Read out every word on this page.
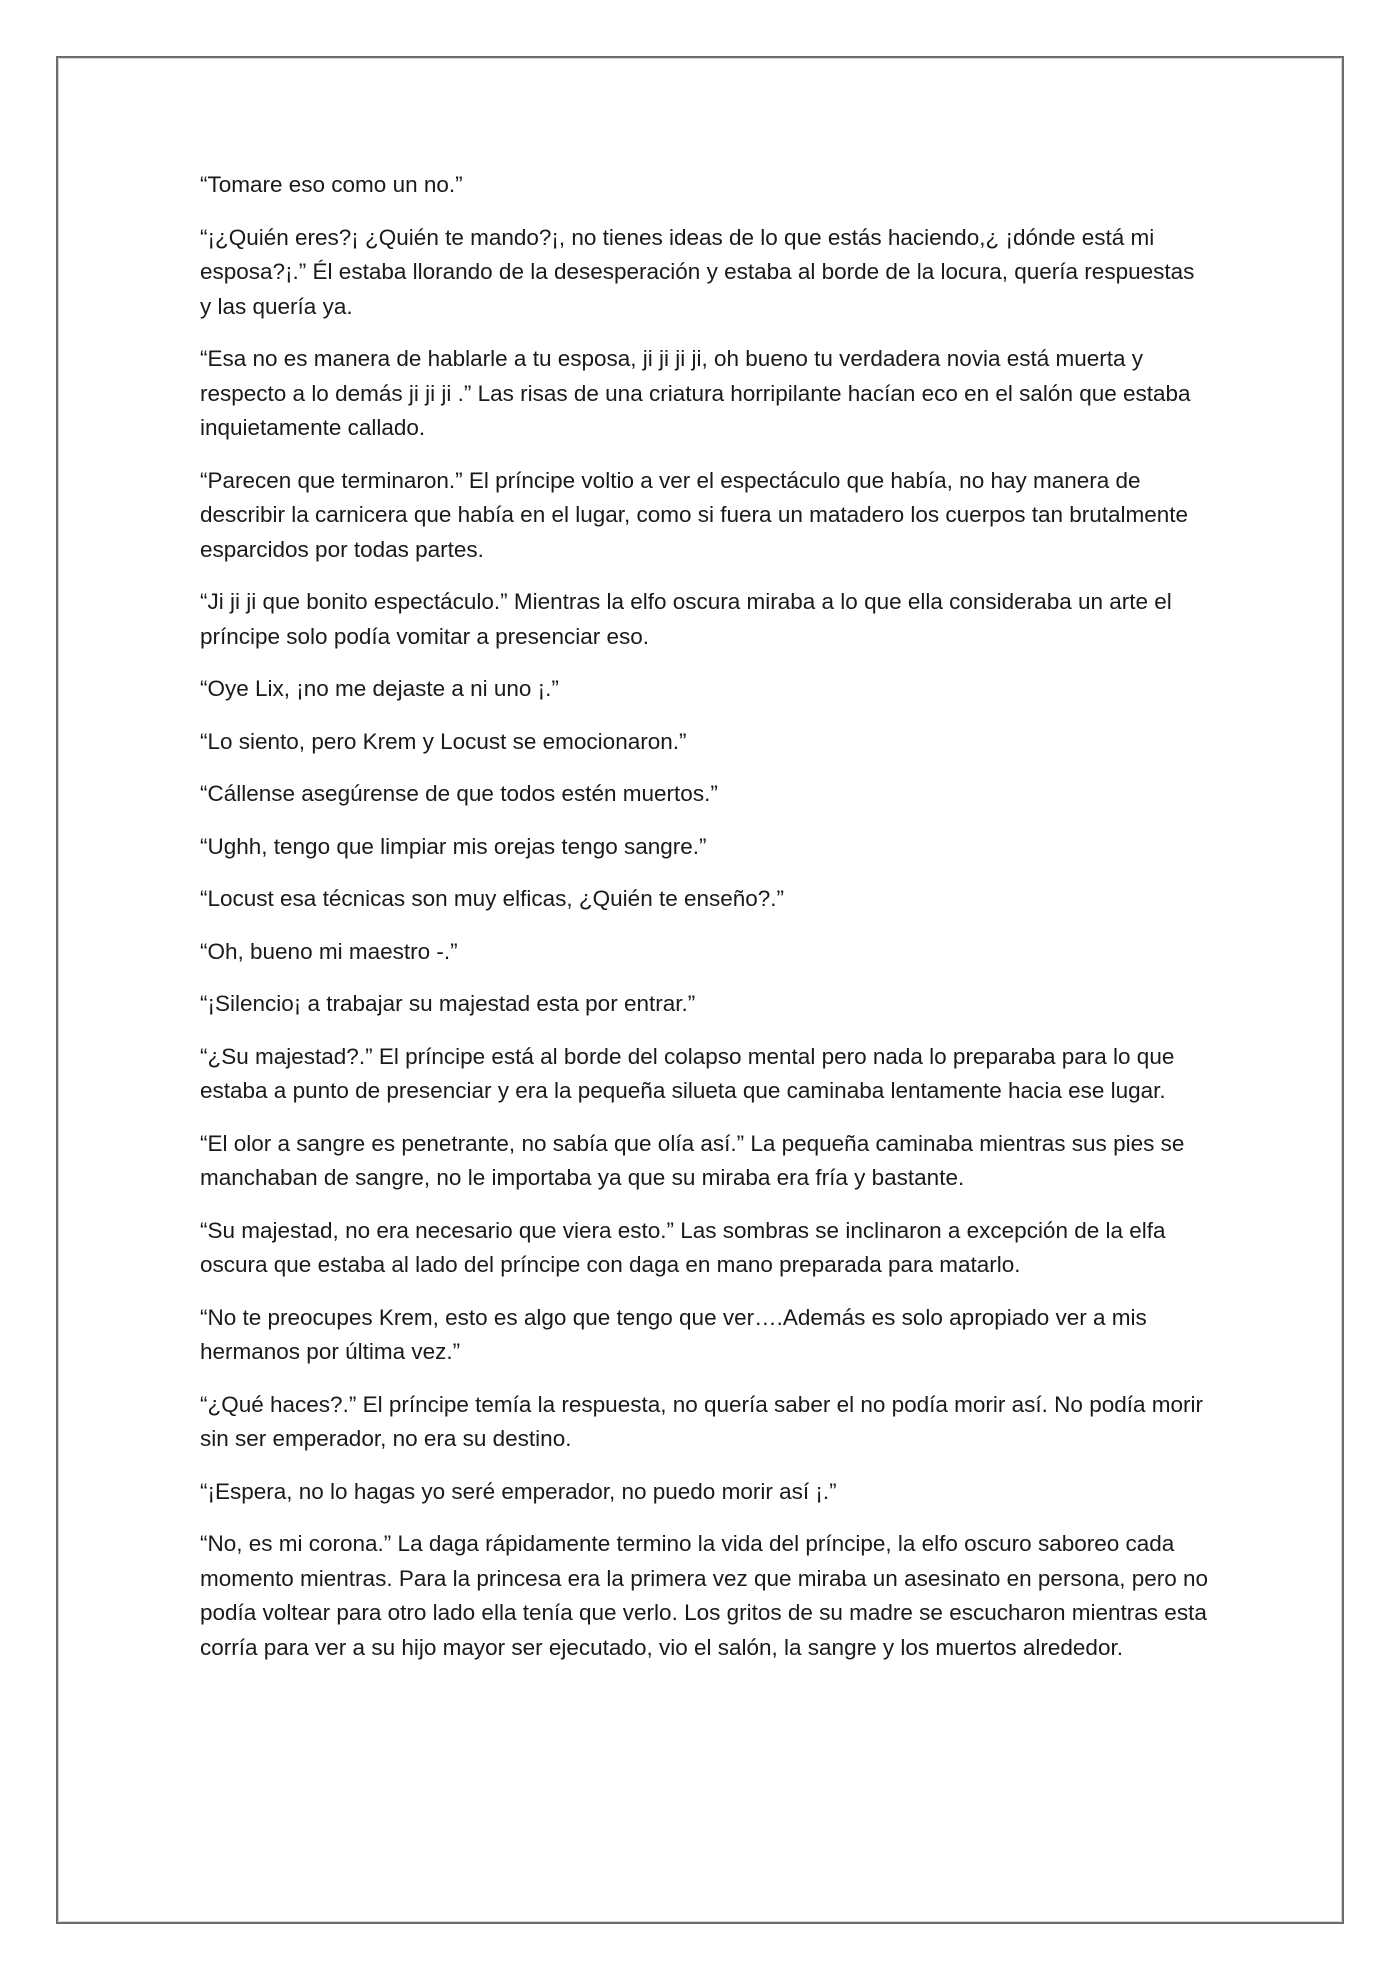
“Tomare eso como un no.”

“¡¿Quién eres?¡ ¿Quién te mando?¡, no tienes ideas de lo que estás haciendo,¿ ¡dónde está mi esposa?¡.” Él estaba llorando de la desesperación y estaba al borde de la locura, quería respuestas y las quería ya.

“Esa no es manera de hablarle a tu esposa, ji ji ji ji, oh bueno tu verdadera novia está muerta y respecto a lo demás ji ji ji .” Las risas de una criatura horripilante hacían eco en el salón que estaba inquietamente callado.

“Parecen que terminaron.” El príncipe voltio a ver el espectáculo que había, no hay manera de describir la carnicera que había en el lugar, como si fuera un matadero los cuerpos tan brutalmente esparcidos por todas partes.

“Ji ji ji que bonito espectáculo.” Mientras la elfo oscura miraba a lo que ella consideraba un arte el príncipe solo podía vomitar a presenciar eso.

“Oye Lix, ¡no me dejaste a ni uno ¡.”

“Lo siento, pero Krem y Locust se emocionaron.”

“Cállense asegúrense de que todos estén muertos.”

“Ughh, tengo que limpiar mis orejas tengo sangre.”

“Locust esa técnicas son muy elficas, ¿Quién te enseño?.”

“Oh, bueno mi maestro -.”

“¡Silencio¡ a trabajar su majestad esta por entrar.”

“¿Su majestad?.” El príncipe está al borde del colapso mental pero nada lo preparaba para lo que estaba a punto de presenciar y era la pequeña silueta que caminaba lentamente hacia ese lugar.

“El olor a sangre es penetrante, no sabía que olía así.” La pequeña caminaba mientras sus pies se manchaban de sangre, no le importaba ya que su miraba era fría y bastante.

“Su majestad, no era necesario que viera esto.” Las sombras se inclinaron a excepción de la elfa oscura que estaba al lado del príncipe con daga en mano preparada para matarlo.

“No te preocupes Krem, esto es algo que tengo que ver….Además es solo apropiado ver a mis hermanos por última vez.”

“¿Qué haces?.” El príncipe temía la respuesta, no quería saber el no podía morir así. No podía morir sin ser emperador, no era su destino.

“¡Espera, no lo hagas yo seré emperador, no puedo morir así ¡.”

“No, es mi corona.” La daga rápidamente termino la vida del príncipe, la elfo oscuro saboreo cada momento mientras. Para la princesa era la primera vez que miraba un asesinato en persona, pero no podía voltear para otro lado ella tenía que verlo. Los gritos de su madre se escucharon mientras esta corría para ver a su hijo mayor ser ejecutado, vio el salón, la sangre y los muertos alrededor.
